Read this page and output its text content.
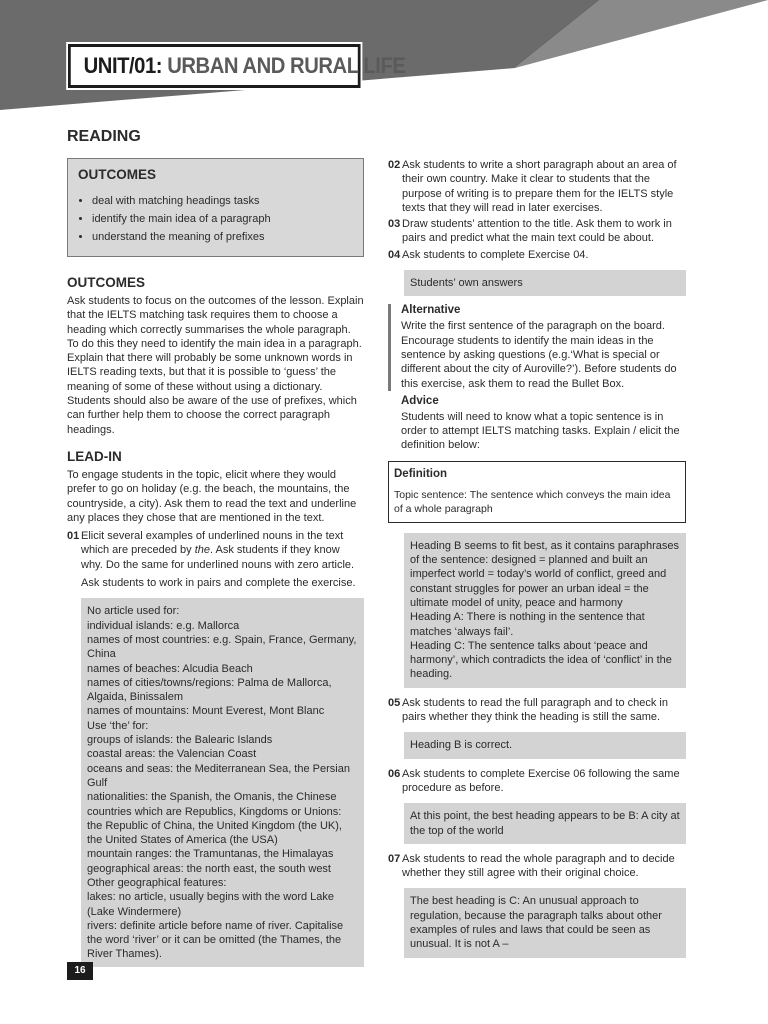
UNIT/01: URBAN AND RURAL LIFE
READING
OUTCOMES
• deal with matching headings tasks
• identify the main idea of a paragraph
• understand the meaning of prefixes
OUTCOMES

Ask students to focus on the outcomes of the lesson. Explain that the IELTS matching task requires them to choose a heading which correctly summarises the whole paragraph. To do this they need to identify the main idea in a paragraph. Explain that there will probably be some unknown words in IELTS reading texts, but that it is possible to ‘guess’ the meaning of some of these without using a dictionary. Students should also be aware of the use of prefixes, which can further help them to choose the correct paragraph headings.

LEAD-IN

To engage students in the topic, elicit where they would prefer to go on holiday (e.g. the beach, the mountains, the countryside, a city). Ask them to read the text and underline any places they chose that are mentioned in the text.

01 Elicit several examples of underlined nouns in the text which are preceded by the. Ask students if they know why. Do the same for underlined nouns with zero article.

Ask students to work in pairs and complete the exercise.

No article used for:
individual islands: e.g. Mallorca
names of most countries: e.g. Spain, France, Germany, China
names of beaches: Alcudia Beach
names of cities/towns/regions: Palma de Mallorca, Algaida, Binissalem
names of mountains: Mount Everest, Mont Blanc
Use ‘the’ for:
groups of islands: the Balearic Islands
coastal areas: the Valencian Coast
oceans and seas: the Mediterranean Sea, the Persian Gulf
nationalities: the Spanish, the Omanis, the Chinese
countries which are Republics, Kingdoms or Unions: the Republic of China, the United Kingdom (the UK), the United States of America (the USA)
mountain ranges: the Tramuntanas, the Himalayas
geographical areas: the north east, the south west
Other geographical features:
lakes: no article, usually begins with the word Lake (Lake Windermere)
rivers: definite article before name of river. Capitalise the word ‘river’ or it can be omitted (the Thames, the River Thames).
02 Ask students to write a short paragraph about an area of their own country. Make it clear to students that the purpose of writing is to prepare them for the IELTS style texts that they will read in later exercises.
03 Draw students’ attention to the title. Ask them to work in pairs and predict what the main text could be about.
04 Ask students to complete Exercise 04.
Students’ own answers
Alternative

Write the first sentence of the paragraph on the board. Encourage students to identify the main ideas in the sentence by asking questions (e.g.‘What is special or different about the city of Auroville?’). Before students do this exercise, ask them to read the Bullet Box.

Advice

Students will need to know what a topic sentence is in order to attempt IELTS matching tasks. Explain / elicit the definition below:

Definition

Topic sentence: The sentence which conveys the main idea of a whole paragraph

Heading B seems to fit best, as it contains paraphrases of the sentence: designed = planned and built an imperfect world = today’s world of conflict, greed and constant struggles for power an urban ideal = the ultimate model of unity, peace and harmony
Heading A: There is nothing in the sentence that matches ‘always fail’.
Heading C: The sentence talks about ‘peace and harmony’, which contradicts the idea of ‘conflict’ in the heading.
05 Ask students to read the full paragraph and to check in pairs whether they think the heading is still the same.
Heading B is correct.
06 Ask students to complete Exercise 06 following the same procedure as before.
At this point, the best heading appears to be B: A city at the top of the world
07 Ask students to read the whole paragraph and to decide whether they still agree with their original choice.
The best heading is C: An unusual approach to regulation, because the paragraph talks about other examples of rules and laws that could be seen as unusual. It is not A –
16
